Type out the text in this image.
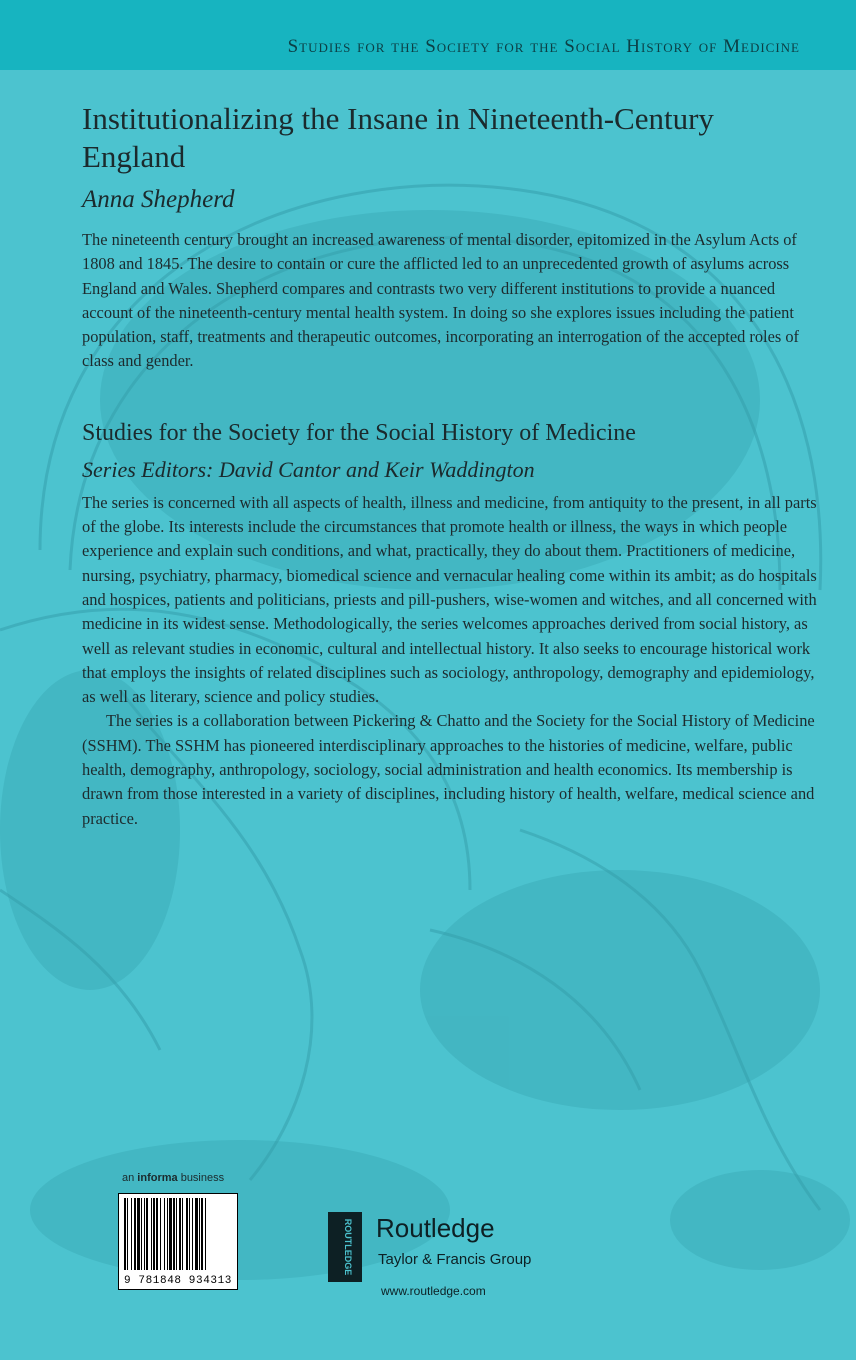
Studies for the Society for the Social History of Medicine
Institutionalizing the Insane in Nineteenth-Century England
Anna Shepherd
The nineteenth century brought an increased awareness of mental disorder, epitomized in the Asylum Acts of 1808 and 1845. The desire to contain or cure the afflicted led to an unprecedented growth of asylums across England and Wales. Shepherd compares and contrasts two very different institutions to provide a nuanced account of the nineteenth-century mental health system. In doing so she explores issues including the patient population, staff, treatments and therapeutic outcomes, incorporating an interrogation of the accepted roles of class and gender.
Studies for the Society for the Social History of Medicine
Series Editors: David Cantor and Keir Waddington
The series is concerned with all aspects of health, illness and medicine, from antiquity to the present, in all parts of the globe. Its interests include the circumstances that promote health or illness, the ways in which people experience and explain such conditions, and what, practically, they do about them. Practitioners of medicine, nursing, psychiatry, pharmacy, biomedical science and vernacular healing come within its ambit; as do hospitals and hospices, patients and politicians, priests and pill-pushers, wise-women and witches, and all concerned with medicine in its widest sense. Methodologically, the series welcomes approaches derived from social history, as well as relevant studies in economic, cultural and intellectual history. It also seeks to encourage historical work that employs the insights of related disciplines such as sociology, anthropology, demography and epidemiology, as well as literary, science and policy studies.
The series is a collaboration between Pickering & Chatto and the Society for the Social History of Medicine (SSHM). The SSHM has pioneered interdisciplinary approaches to the histories of medicine, welfare, public health, demography, anthropology, sociology, social administration and health economics. Its membership is drawn from those interested in a variety of disciplines, including history of health, welfare, medical science and practice.
an informa business
9 781848 934313
ROUTLEDGE Routledge
Taylor & Francis Group
www.routledge.com
